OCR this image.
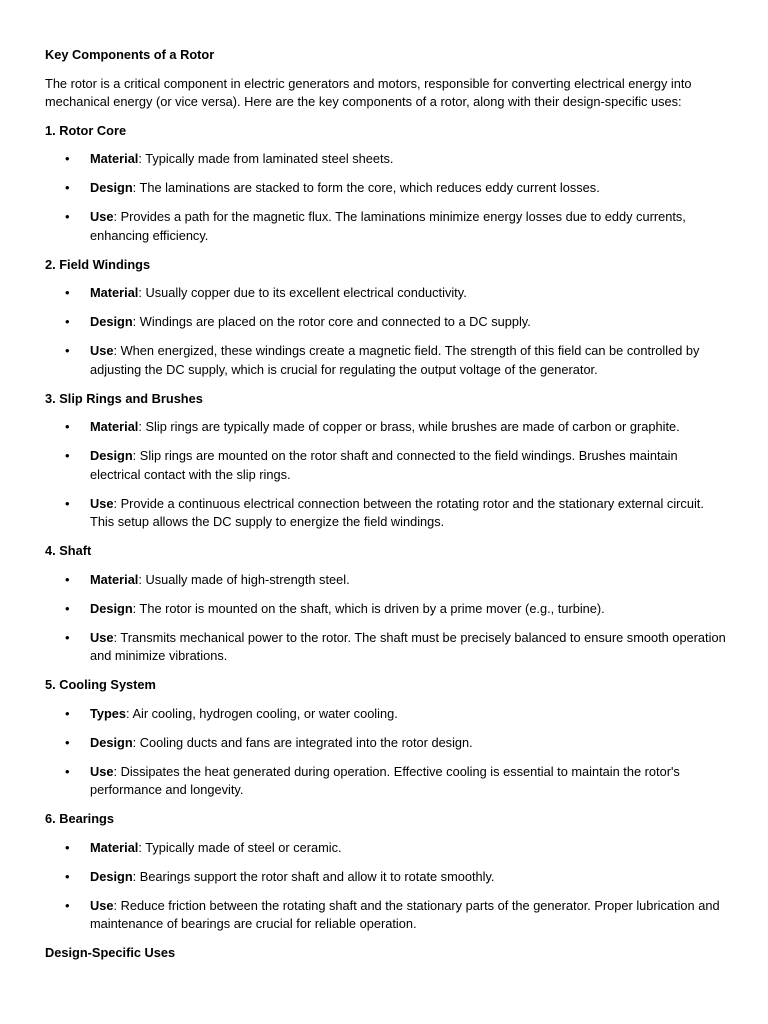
Key Components of a Rotor

The rotor is a critical component in electric generators and motors, responsible for converting electrical energy into mechanical energy (or vice versa). Here are the key components of a rotor, along with their design-specific uses:

1. Rotor Core

• Material: Typically made from laminated steel sheets.
• Design: The laminations are stacked to form the core, which reduces eddy current losses.
• Use: Provides a path for the magnetic flux. The laminations minimize energy losses due to eddy currents, enhancing efficiency.

2. Field Windings

• Material: Usually copper due to its excellent electrical conductivity.
• Design: Windings are placed on the rotor core and connected to a DC supply.
• Use: When energized, these windings create a magnetic field. The strength of this field can be controlled by adjusting the DC supply, which is crucial for regulating the output voltage of the generator.

3. Slip Rings and Brushes

• Material: Slip rings are typically made of copper or brass, while brushes are made of carbon or graphite.
• Design: Slip rings are mounted on the rotor shaft and connected to the field windings. Brushes maintain electrical contact with the slip rings.
• Use: Provide a continuous electrical connection between the rotating rotor and the stationary external circuit. This setup allows the DC supply to energize the field windings.

4. Shaft

• Material: Usually made of high-strength steel.
• Design: The rotor is mounted on the shaft, which is driven by a prime mover (e.g., turbine).
• Use: Transmits mechanical power to the rotor. The shaft must be precisely balanced to ensure smooth operation and minimize vibrations.

5. Cooling System

• Types: Air cooling, hydrogen cooling, or water cooling.
• Design: Cooling ducts and fans are integrated into the rotor design.
• Use: Dissipates the heat generated during operation. Effective cooling is essential to maintain the rotor's performance and longevity.

6. Bearings

• Material: Typically made of steel or ceramic.
• Design: Bearings support the rotor shaft and allow it to rotate smoothly.
• Use: Reduce friction between the rotating shaft and the stationary parts of the generator. Proper lubrication and maintenance of bearings are crucial for reliable operation.

Design-Specific Uses
